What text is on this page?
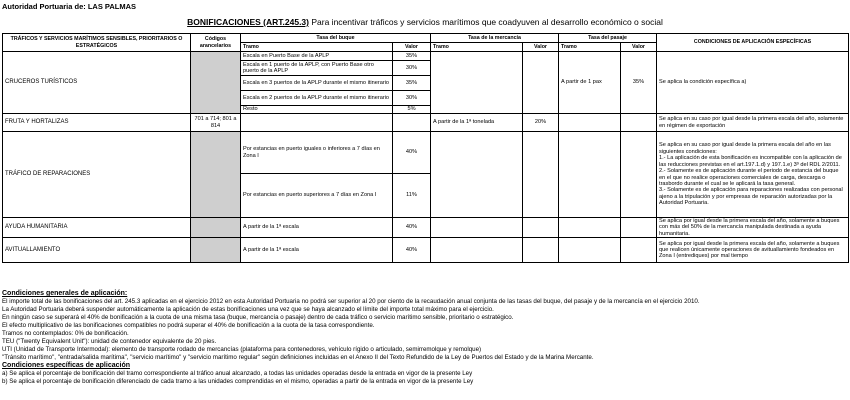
Autoridad Portuaria de: LAS PALMAS
BONIFICACIONES (ART.245.3) Para incentivar tráficos y servicios marítimos que coadyuven al desarrollo económico o social
TRÁFICOS Y SERVICIOS MARÍTIMOS SENSIBLES, PRIORITARIOS O ESTRATÉGICOS	Códigos arancelarios	Tasa del buque		Tasa de la mercancía		Tasa del pasaje		CONDICIONES DE APLICACIÓN ESPECÍFICAS
		Tramo	Valor	Tramo	Valor	Tramo	Valor	
CRUCEROS TURÍSTICOS		Escala en Puerto Base de la APLP	35%			A partir de 1 pax	35%	Se aplica la condición específica a)
		Escala en 1 puerto de la APLP, con Puerto Base otro puerto de la APLP	30%					
		Escala en 3 puertos de la APLP durante el mismo itinerario	35%					
		Escala en 2 puertos de la APLP durante el mismo itinerario	30%					
		Resto	5%					
FRUTA Y HORTALIZAS	701 a 714; 801 a 814			A partir de la 1ª tonelada	20%			Se aplica en su caso por igual desde la primera escala del año, solamente en régimen de exportación
TRÁFICO DE REPARACIONES		Por estancias en puerto iguales o inferiores a 7 días en Zona I	40%					Se aplica en su caso por igual desde la primera escala del año en las siguientes condiciones:
1.- La aplicación de esta bonificación es incompatible con la aplicación de las reducciones previstas en el art.197.1.d) y 197.1.e) 3º del RDL 2/2011.
2.- Solamente es de aplicación durante el periodo de estancia del buque en el que no realice operaciones comerciales de carga, descarga o trasbordo durante el cual se le aplicará la tasa general.
3.- Solamente es de aplicación para reparaciones realizadas con personal ajeno a la tripulación y por empresas de reparación autorizadas por la Autoridad Portuaria.

		Por estancias en puerto superiores a 7 días en Zona I	11%					
AYUDA HUMANITARIA		A partir de la 1ª escala	40%					Se aplica por igual desde la primera escala del año, solamente a buques con más del 50% de la mercancía manipulada destinada a ayuda humanitaria.
AVITUALLAMIENTO		A partir de la 1ª escala	40%					Se aplica por igual desde la primera escala del año, solamente a buques que realicen únicamente operaciones de avituallamiento fondeados en Zona I (entrediques) por mal tiempo
Condiciones generales de aplicación:
El importe total de las bonificaciones del art. 245.3 aplicadas en el ejercicio 2012 en esta Autoridad Portuaria no podrá ser superior al 20 por ciento de la recaudación anual conjunta de las tasas del buque, del pasaje y de la mercancía en el ejercicio 2010.
La Autoridad Portuaria deberá suspender automáticamente la aplicación de estas bonificaciones una vez que se haya alcanzado el límite del importe total máximo para el ejercicio.
En ningún caso se superará el 40% de bonificación a la cuota de una misma tasa (buque, mercancía o pasaje) dentro de cada tráfico o servicio marítimo sensible, prioritario o estratégico.
El efecto multiplicativo de las bonificaciones compatibles no podrá superar el 40% de bonificación a la cuota de la tasa correspondiente.
Tramos no contemplados: 0% de bonificación.
TEU ("Twenty Equivalent Unit"): unidad de contenedor equivalente de 20 pies.
UTI (Unidad de Transporte Intermodal): elemento de transporte rodado de mercancías (plataforma para contenedores, vehículo rígido o articulado, semirremolque y remolque)
"Tránsito marítimo", "entrada/salida marítima", "servicio marítimo" y "servicio marítimo regular" según definiciones incluidas en el Anexo II del Texto Refundido de la Ley de Puertos del Estado y de la Marina Mercante.
Condiciones específicas de aplicación
a) Se aplica el porcentaje de bonificación del tramo correspondiente al tráfico anual alcanzado, a todas las unidades operadas desde la entrada en vigor de la presente Ley
b) Se aplica el porcentaje de bonificación diferenciado de cada tramo a las unidades comprendidas en el mismo, operadas a partir de la entrada en vigor de la presente Ley
